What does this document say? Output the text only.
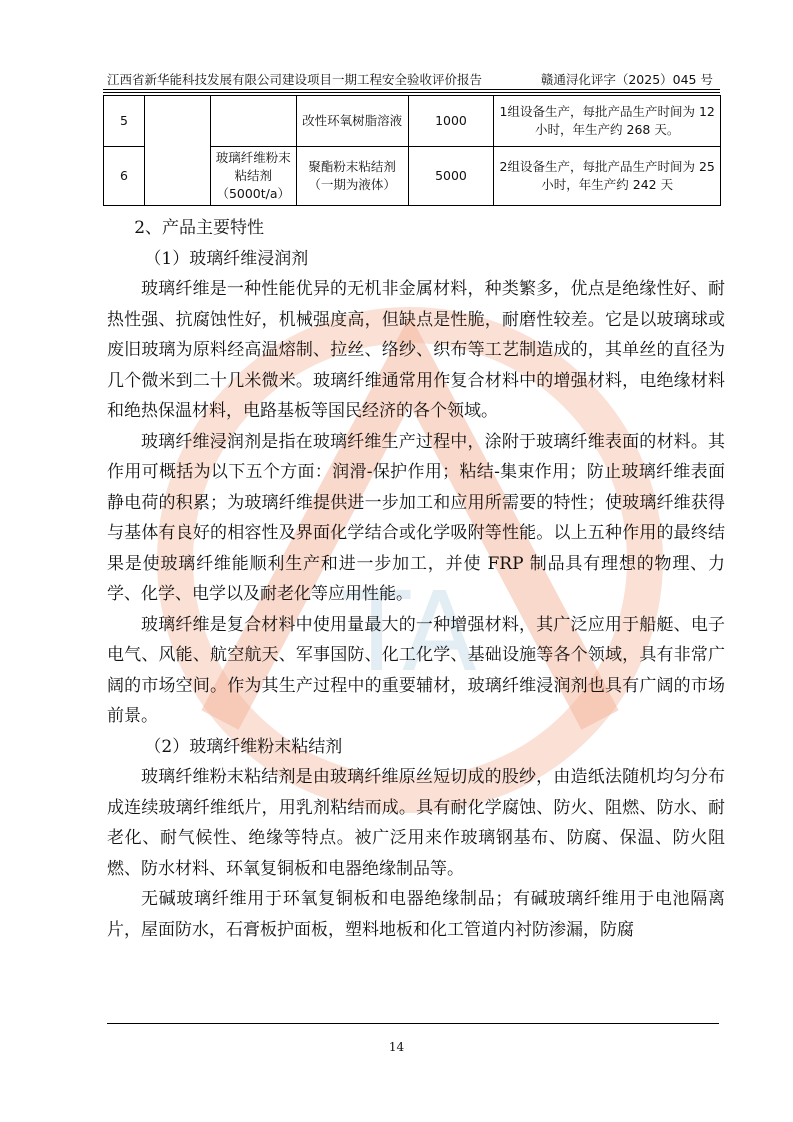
江西省新华能科技发展有限公司建设项目一期工程安全验收评价报告	赣通浔化评字（2025）045 号
TA
5			改性环氧树脂溶液	1000	1组设备生产，每批产品生产时间为 12 小时，年生产约 268 天。
6		玻璃纤维粉末粘结剂（5000t/a）	聚酯粉末粘结剂（一期为液体）	5000	2组设备生产，每批产品生产时间为 25 小时，年生产约 242 天

2、产品主要特性

（1）玻璃纤维浸润剂

玻璃纤维是一种性能优异的无机非金属材料，种类繁多，优点是绝缘性好、耐热性强、抗腐蚀性好，机械强度高，但缺点是性脆，耐磨性较差。它是以玻璃球或废旧玻璃为原料经高温熔制、拉丝、络纱、织布等工艺制造成的，其单丝的直径为几个微米到二十几米微米。玻璃纤维通常用作复合材料中的增强材料，电绝缘材料和绝热保温材料，电路基板等国民经济的各个领域。

玻璃纤维浸润剂是指在玻璃纤维生产过程中，涂附于玻璃纤维表面的材料。其作用可概括为以下五个方面：润滑-保护作用；粘结-集束作用；防止玻璃纤维表面静电荷的积累；为玻璃纤维提供进一步加工和应用所需要的特性；使玻璃纤维获得与基体有良好的相容性及界面化学结合或化学吸附等性能。以上五种作用的最终结果是使玻璃纤维能顺利生产和进一步加工，并使 FRP 制品具有理想的物理、力学、化学、电学以及耐老化等应用性能。

玻璃纤维是复合材料中使用量最大的一种增强材料，其广泛应用于船艇、电子电气、风能、航空航天、军事国防、化工化学、基础设施等各个领域，具有非常广阔的市场空间。作为其生产过程中的重要辅材，玻璃纤维浸润剂也具有广阔的市场前景。

（2）玻璃纤维粉末粘结剂

玻璃纤维粉末粘结剂是由玻璃纤维原丝短切成的股纱，由造纸法随机均匀分布成连续玻璃纤维纸片，用乳剂粘结而成。具有耐化学腐蚀、防火、阻燃、防水、耐老化、耐气候性、绝缘等特点。被广泛用来作玻璃钢基布、防腐、保温、防火阻燃、防水材料、环氧复铜板和电器绝缘制品等。

无碱玻璃纤维用于环氧复铜板和电器绝缘制品；有碱玻璃纤维用于电池隔离片，屋面防水，石膏板护面板，塑料地板和化工管道内衬防渗漏，防腐

14
